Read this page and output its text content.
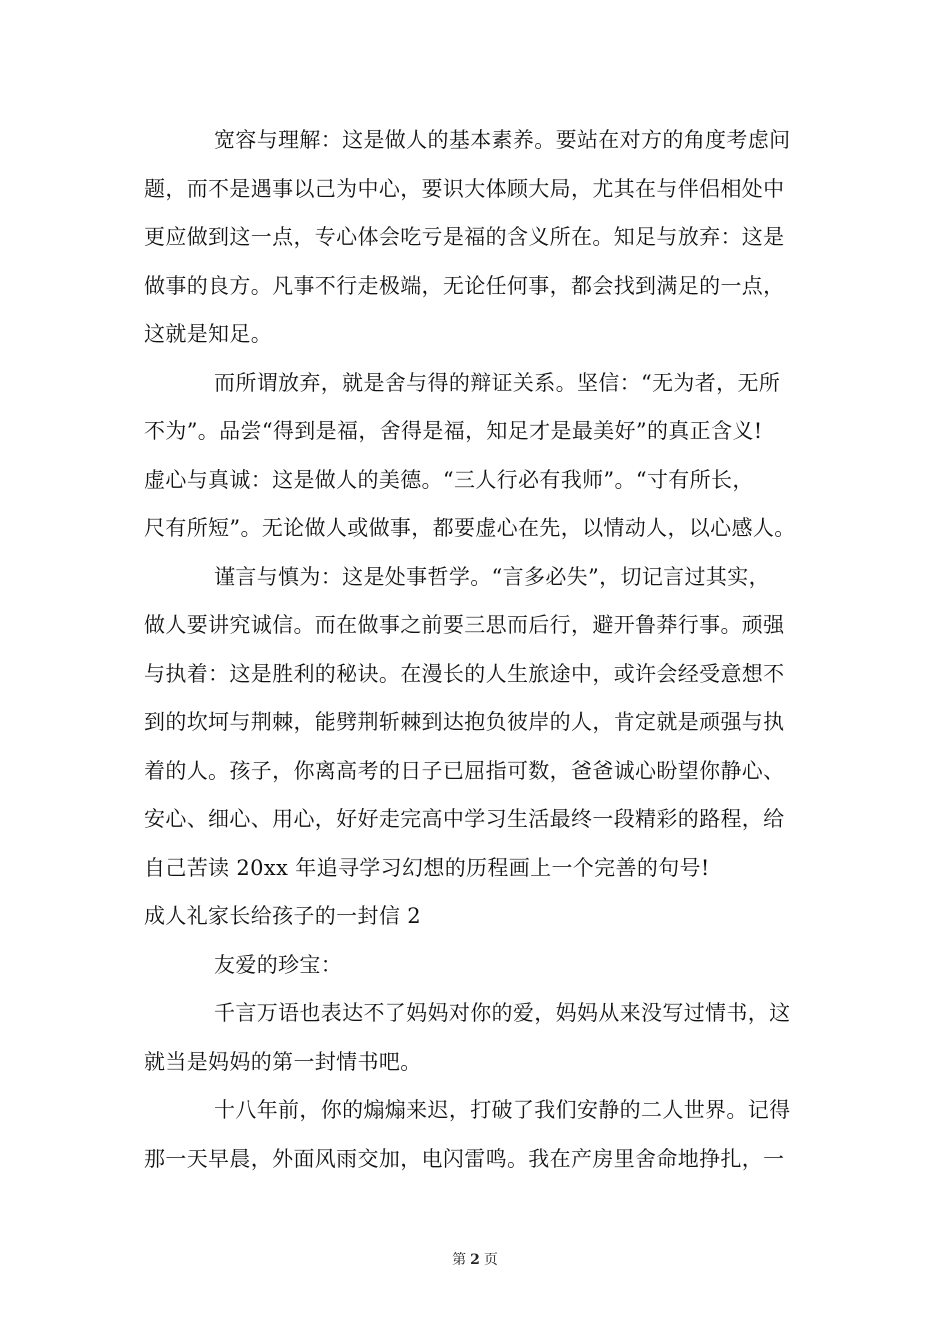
宽容与理解：这是做人的基本素养。要站在对方的角度考虑问
题，而不是遇事以己为中心，要识大体顾大局，尤其在与伴侣相处中
更应做到这一点，专心体会吃亏是福的含义所在。知足与放弃：这是
做事的良方。凡事不行走极端，无论任何事，都会找到满足的一点，
这就是知足。

而所谓放弃，就是舍与得的辩证关系。坚信：“无为者，无所
不为”。品尝“得到是福，舍得是福，知足才是最美好”的真正含义!
虚心与真诚：这是做人的美德。“三人行必有我师”。“寸有所长，
尺有所短”。无论做人或做事，都要虚心在先，以情动人，以心感人。

谨言与慎为：这是处事哲学。“言多必失”，切记言过其实，
做人要讲究诚信。而在做事之前要三思而后行，避开鲁莽行事。顽强
与执着：这是胜利的秘诀。在漫长的人生旅途中，或许会经受意想不
到的坎坷与荆棘，能劈荆斩棘到达抱负彼岸的人，肯定就是顽强与执
着的人。孩子，你离高考的日子已屈指可数，爸爸诚心盼望你静心、
安心、细心、用心，好好走完高中学习生活最终一段精彩的路程，给
自己苦读 20xx 年追寻学习幻想的历程画上一个完善的句号!

成人礼家长给孩子的一封信 2

友爱的珍宝：

千言万语也表达不了妈妈对你的爱，妈妈从来没写过情书，这
就当是妈妈的第一封情书吧。

十八年前，你的煽煽来迟，打破了我们安静的二人世界。记得
那一天早晨，外面风雨交加，电闪雷鸣。我在产房里舍命地挣扎，一

第 2 页
